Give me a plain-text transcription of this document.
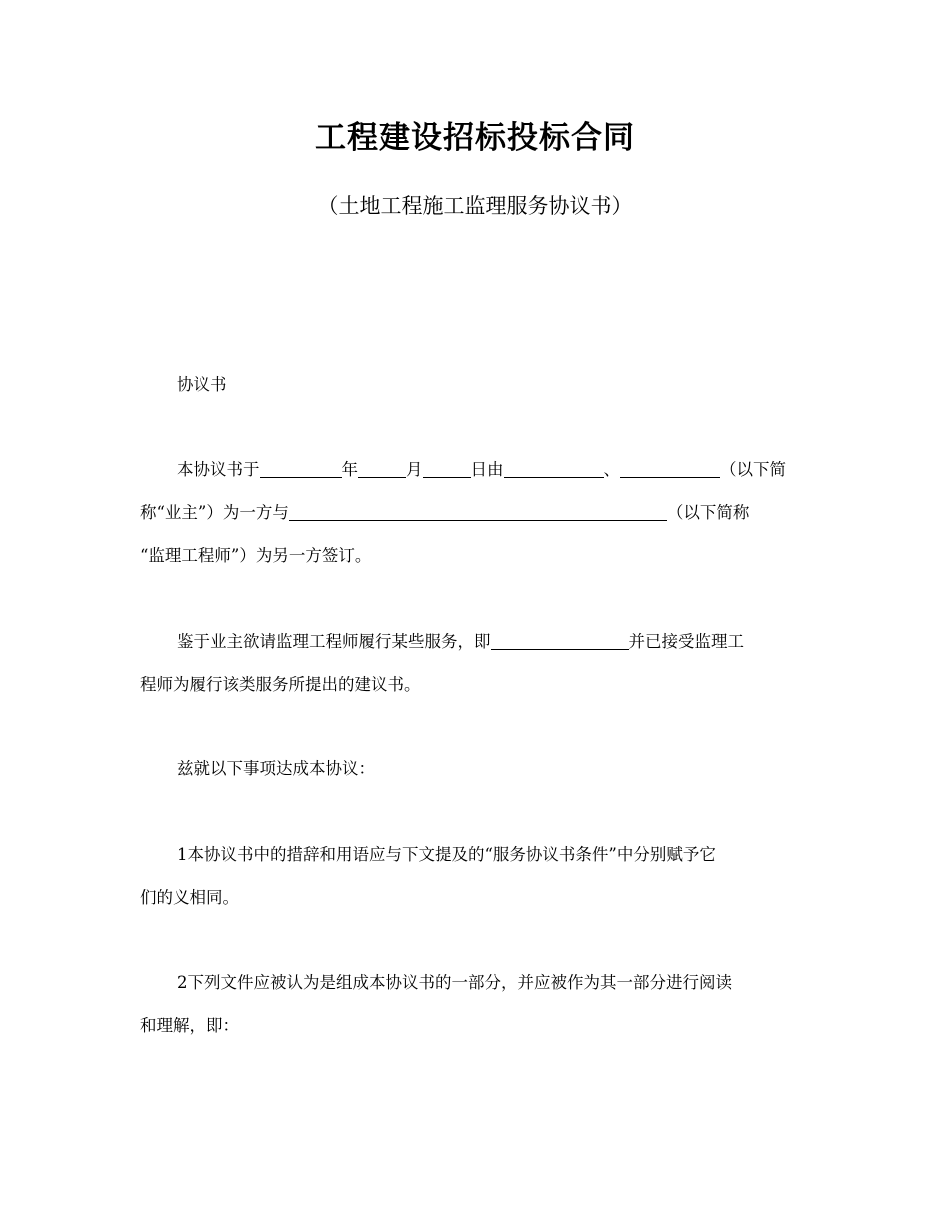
工程建设招标投标合同
（土地工程施工监理服务协议书）
协议书
本协议书于	年	月	日由	、	（以下简
称“业主”）为一方与	（以下简称
“监理工程师”）为另一方签订。
鉴于业主欲请监理工程师履行某些服务，即	并已接受监理工
程师为履行该类服务所提出的建议书。
兹就以下事项达成本协议：
1本协议书中的措辞和用语应与下文提及的“服务协议书条件”中分别赋予它
们的义相同。
2下列文件应被认为是组成本协议书的一部分，并应被作为其一部分进行阅读
和理解，即：
